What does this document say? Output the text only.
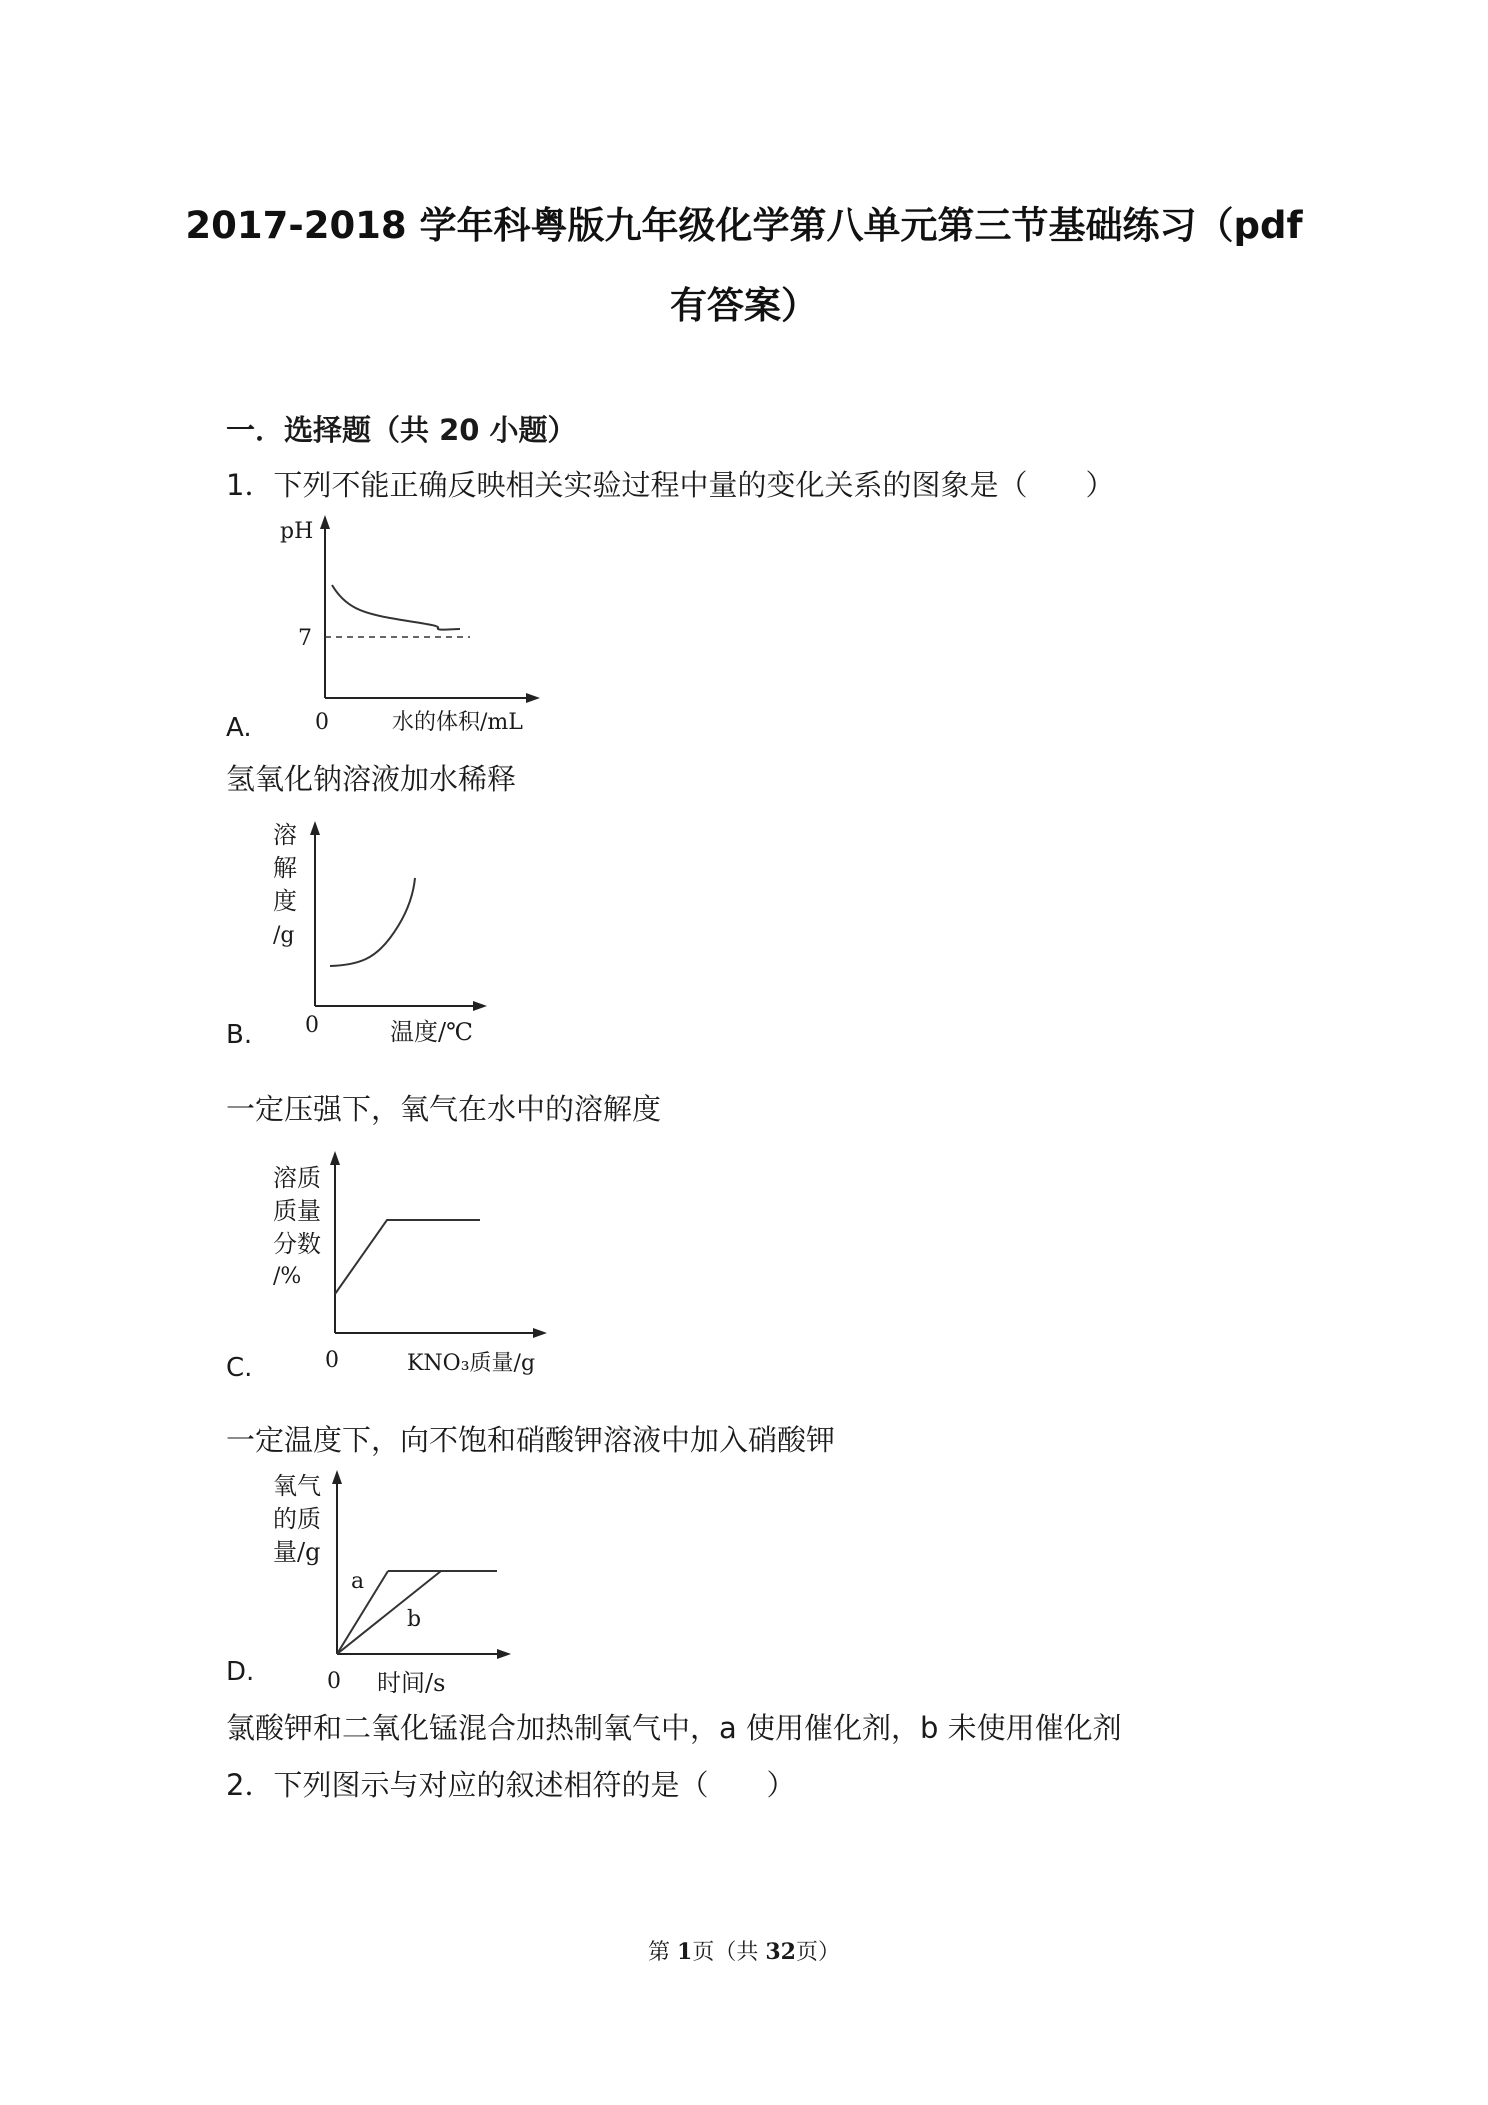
2017-2018 学年科粤版九年级化学第八单元第三节基础练习（pdf
有答案）
一．选择题（共 20 小题）
1．下列不能正确反映相关实验过程中量的变化关系的图象是（　　）
pH
7
0	水的体积/mL
A.
氢氧化钠溶液加水稀释
溶
解
度
/g
0	温度/℃
B.
一定压强下，氧气在水中的溶解度
溶质
质量
分数
/%
0	KNO₃质量/g
C.
一定温度下，向不饱和硝酸钾溶液中加入硝酸钾
氧气
的质
量/g
a
b
0 时间/s
D.
氯酸钾和二氧化锰混合加热制氧气中，a 使用催化剂，b 未使用催化剂
2．下列图示与对应的叙述相符的是（　　）
第 1页（共 32页）
